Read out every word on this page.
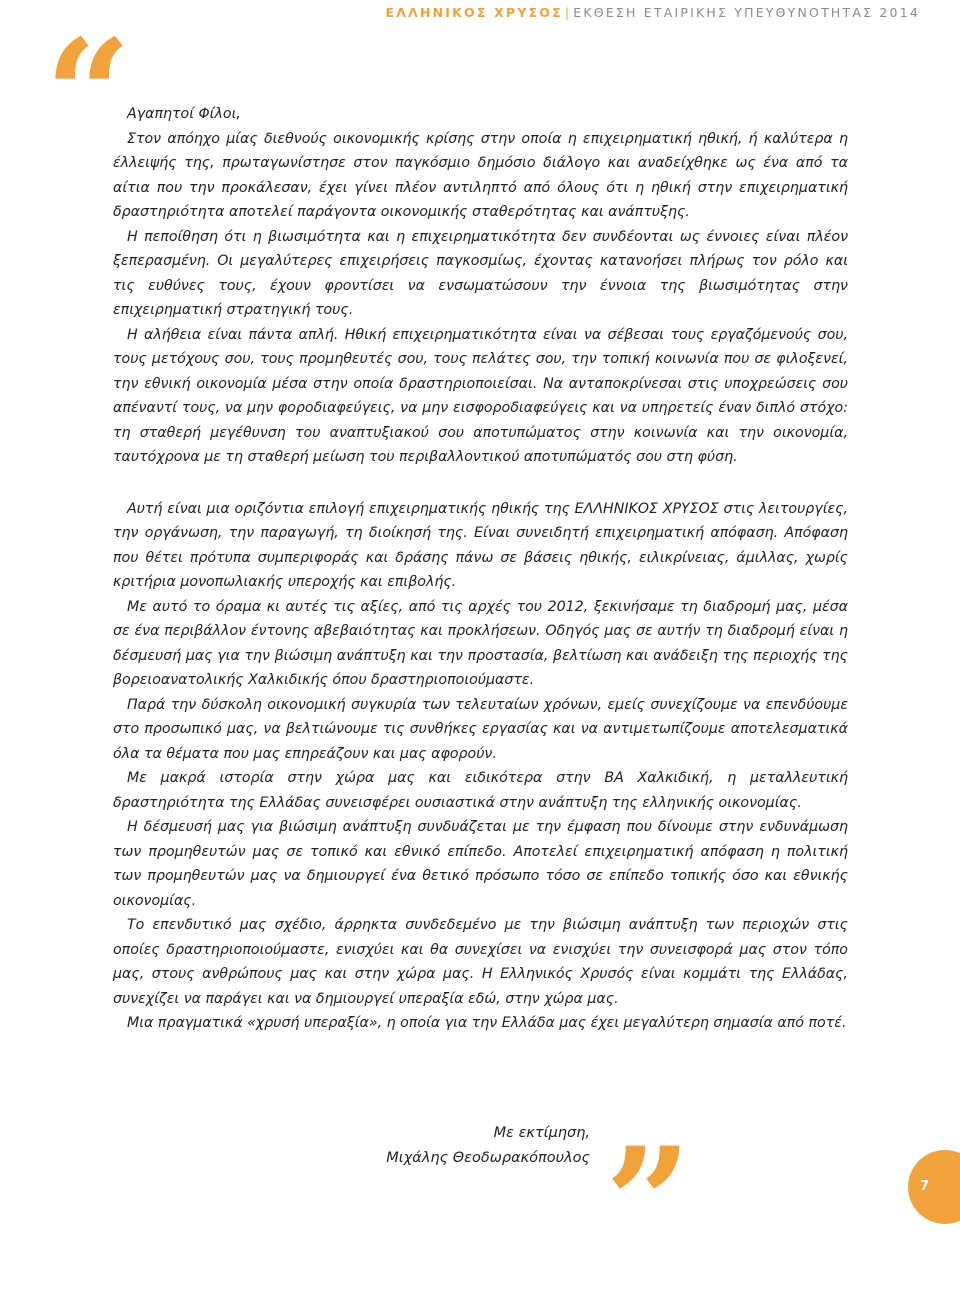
ΕΛΛΗΝΙΚΟΣ ΧΡΥΣΟΣ | ΕΚΘΕΣΗ ΕΤΑΙΡΙΚΗΣ ΥΠΕΥΘΥΝΟΤΗΤΑΣ 2014
“

Αγαπητοί Φίλοι,

Στον απόηχο μίας διεθνούς οικονομικής κρίσης στην οποία η επιχειρηματική ηθική, ή καλύτερα η έλλειψής της, πρωταγωνίστησε στον παγκόσμιο δημόσιο διάλογο και αναδείχθηκε ως ένα από τα αίτια που την προκάλεσαν, έχει γίνει πλέον αντιληπτό από όλους ότι η ηθική στην επιχειρηματική δραστηριότητα αποτελεί παράγοντα οικονομικής σταθερότητας και ανάπτυξης.

Η πεποίθηση ότι η βιωσιμότητα και η επιχειρηματικότητα δεν συνδέονται ως έννοιες είναι πλέον ξεπερασμένη. Οι μεγαλύτερες επιχειρήσεις παγκοσμίως, έχοντας κατανοήσει πλήρως τον ρόλο και τις ευθύνες τους, έχουν φροντίσει να ενσωματώσουν την έννοια της βιωσιμότητας στην επιχειρηματική στρατηγική τους.

Η αλήθεια είναι πάντα απλή. Ηθική επιχειρηματικότητα είναι να σέβεσαι τους εργαζόμενούς σου, τους μετόχους σου, τους προμηθευτές σου, τους πελάτες σου, την τοπική κοινωνία που σε φιλοξενεί, την εθνική οικονομία μέσα στην οποία δραστηριοποιείσαι. Να ανταποκρίνεσαι στις υποχρεώσεις σου απέναντί τους, να μην φοροδιαφεύγεις, να μην εισφοροδιαφεύγεις και να υπηρετείς έναν διπλό στόχο: τη σταθερή μεγέθυνση του αναπτυξιακού σου αποτυπώματος στην κοινωνία και την οικονομία, ταυτόχρονα με τη σταθερή μείωση του περιβαλλοντικού αποτυπώματός σου στη φύση.

Αυτή είναι μια οριζόντια επιλογή επιχειρηματικής ηθικής της ΕΛΛΗΝΙΚΟΣ ΧΡΥΣΟΣ στις λειτουργίες, την οργάνωση, την παραγωγή, τη διοίκησή της. Είναι συνειδητή επιχειρηματική απόφαση. Απόφαση που θέτει πρότυπα συμπεριφοράς και δράσης πάνω σε βάσεις ηθικής, ειλικρίνειας, άμιλλας, χωρίς κριτήρια μονοπωλιακής υπεροχής και επιβολής.

Με αυτό το όραμα κι αυτές τις αξίες, από τις αρχές του 2012, ξεκινήσαμε τη διαδρομή μας, μέσα σε ένα περιβάλλον έντονης αβεβαιότητας και προκλήσεων. Οδηγός μας σε αυτήν τη διαδρομή είναι η δέσμευσή μας για την βιώσιμη ανάπτυξη και την προστασία, βελτίωση και ανάδειξη της περιοχής της βορειοανατολικής Χαλκιδικής όπου δραστηριοποιούμαστε.

Παρά την δύσκολη οικονομική συγκυρία των τελευταίων χρόνων, εμείς συνεχίζουμε να επενδύουμε στο προσωπικό μας, να βελτιώνουμε τις συνθήκες εργασίας και να αντιμετωπίζουμε αποτελεσματικά όλα τα θέματα που μας επηρεάζουν και μας αφορούν.

Με μακρά ιστορία στην χώρα μας και ειδικότερα στην ΒΑ Χαλκιδική, η μεταλλευτική δραστηριότητα της Ελλάδας συνεισφέρει ουσιαστικά στην ανάπτυξη της ελληνικής οικονομίας.

Η δέσμευσή μας για βιώσιμη ανάπτυξη συνδυάζεται με την έμφαση που δίνουμε στην ενδυνάμωση των προμηθευτών μας σε τοπικό και εθνικό επίπεδο. Αποτελεί επιχειρηματική απόφαση η πολιτική των προμηθευτών μας να δημιουργεί ένα θετικό πρόσωπο τόσο σε επίπεδο τοπικής όσο και εθνικής οικονομίας.

Το επενδυτικό μας σχέδιο, άρρηκτα συνδεδεμένο με την βιώσιμη ανάπτυξη των περιοχών στις οποίες δραστηριοποιούμαστε, ενισχύει και θα συνεχίσει να ενισχύει την συνεισφορά μας στον τόπο μας, στους ανθρώπους μας και στην χώρα μας. Η Ελληνικός Χρυσός είναι κομμάτι της Ελλάδας, συνεχίζει να παράγει και να δημιουργεί υπεραξία εδώ, στην χώρα μας.

Μια πραγματικά «χρυσή υπεραξία», η οποία για την Ελλάδα μας έχει μεγαλύτερη σημασία από ποτέ.

Με εκτίμηση,
Μιχάλης Θεοδωρακόπουλος ”	7
